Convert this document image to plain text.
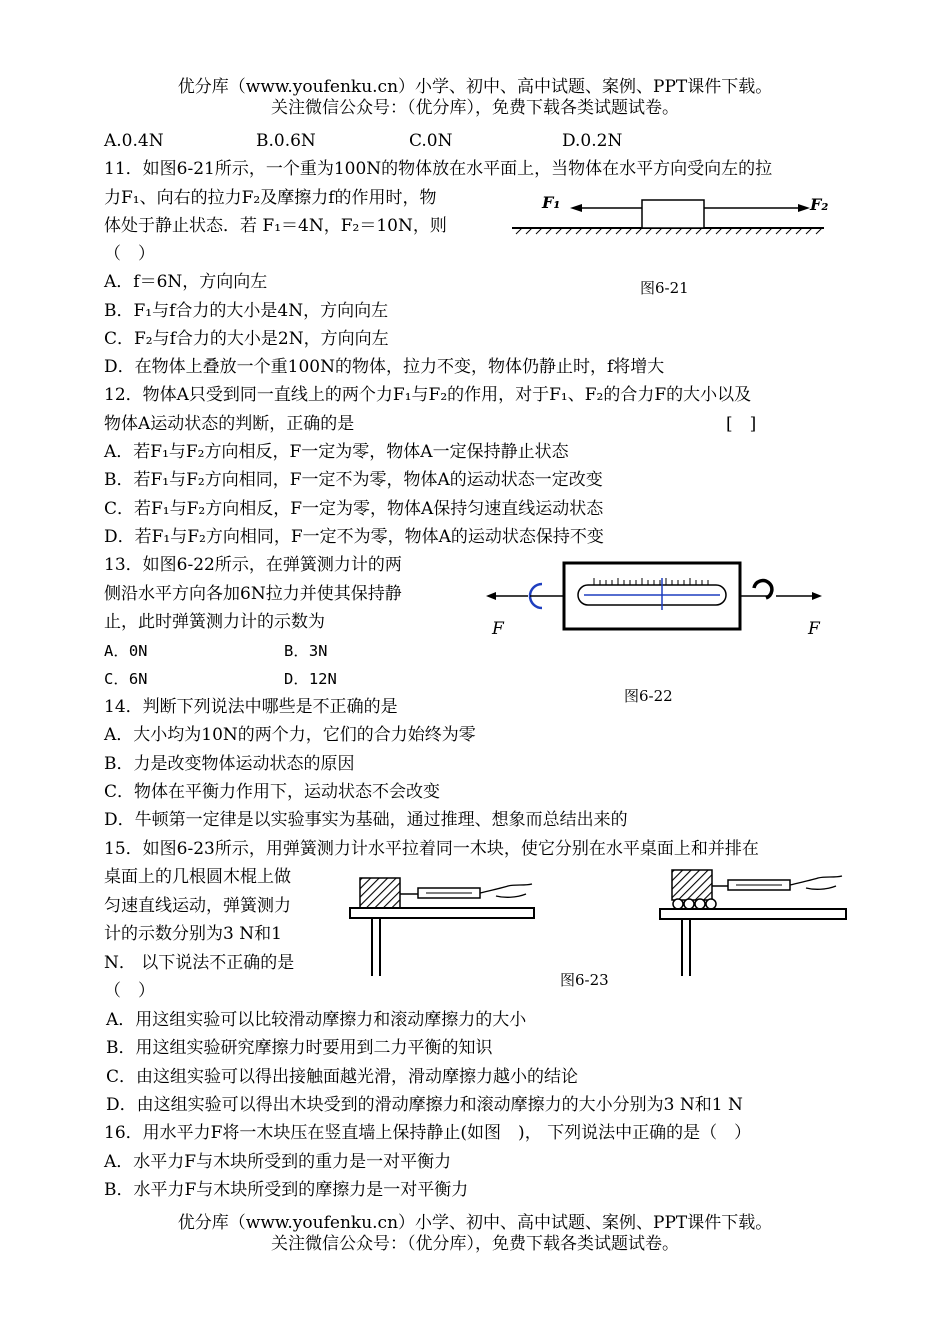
优分库（www.youfenku.cn）小学、初中、高中试题、案例、PPT课件下载。
关注微信公众号：（优分库），免费下载各类试题试卷。
A.0.4N	B.0.6N	C.0N	D.0.2N
11．如图6-21所示，一个重为100N的物体放在水平面上，当物体在水平方向受向左的拉
力F₁、向右的拉力F₂及摩擦力f的作用时，物
体处于静止状态．若 F₁＝4N，F₂＝10N，则
（　）
A．f＝6N，方向向左
B．F₁与f合力的大小是4N，方向向左
C．F₂与f合力的大小是2N，方向向左
D．在物体上叠放一个重100N的物体，拉力不变，物体仍静止时，f将增大
F₁	F₂
图6-21
12．物体A只受到同一直线上的两个力F₁与F₂的作用，对于F₁、F₂的合力F的大小以及
物体A运动状态的判断，正确的是	[　]
A．若F₁与F₂方向相反，F一定为零，物体A一定保持静止状态
B．若F₁与F₂方向相同，F一定不为零，物体A的运动状态一定改变
C．若F₁与F₂方向相反，F一定为零，物体A保持匀速直线运动状态
D．若F₁与F₂方向相同，F一定不为零，物体A的运动状态保持不变
13．如图6-22所示，在弹簧测力计的两
侧沿水平方向各加6N拉力并使其保持静
止，此时弹簧测力计的示数为
A．0N	B．3N
C．6N	D．12N
F	F
图6-22
14．判断下列说法中哪些是不正确的是
A．大小均为10N的两个力，它们的合力始终为零
B．力是改变物体运动状态的原因
C．物体在平衡力作用下，运动状态不会改变
D．牛顿第一定律是以实验事实为基础，通过推理、想象而总结出来的
15．如图6-23所示，用弹簧测力计水平拉着同一木块，使它分别在水平桌面上和并排在
桌面上的几根圆木棍上做
匀速直线运动，弹簧测力
计的示数分别为3 N和1
N． 以下说法不正确的是
（　）
A．用这组实验可以比较滑动摩擦力和滚动摩擦力的大小
B．用这组实验研究摩擦力时要用到二力平衡的知识
C．由这组实验可以得出接触面越光滑，滑动摩擦力越小的结论
D．由这组实验可以得出木块受到的滑动摩擦力和滚动摩擦力的大小分别为3 N和1 N
图6-23
16．用水平力F将一木块压在竖直墙上保持静止(如图　)， 下列说法中正确的是（　）
A．水平力F与木块所受到的重力是一对平衡力
B．水平力F与木块所受到的摩擦力是一对平衡力
优分库（www.youfenku.cn）小学、初中、高中试题、案例、PPT课件下载。
关注微信公众号：（优分库），免费下载各类试题试卷。
